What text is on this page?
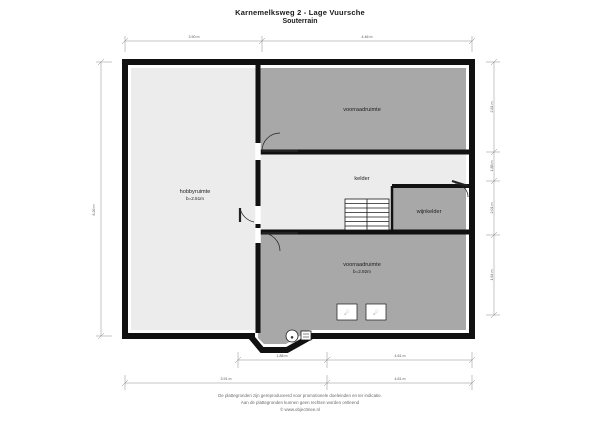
Karnemelksweg 2 - Lage Vuursche
Souterrain
☄	☄
●
hobbyruimte
b=2.51m
voorraadruimte
kelder
wijnkelder
voorraadruimte
b=2.92m
3.90 m	4.46 m
8.26 m
2.81 m
1.88 m
2.01 m
1.64 m
1.88 m	4.61 m
3.91 m	4.61 m
De plattegronden zijn gereproduceerd voor promotionele doeleinden en ter indicatie.
Aan de plattegronden kunnen geen rechten worden ontleend
© www.objectmee.nl
